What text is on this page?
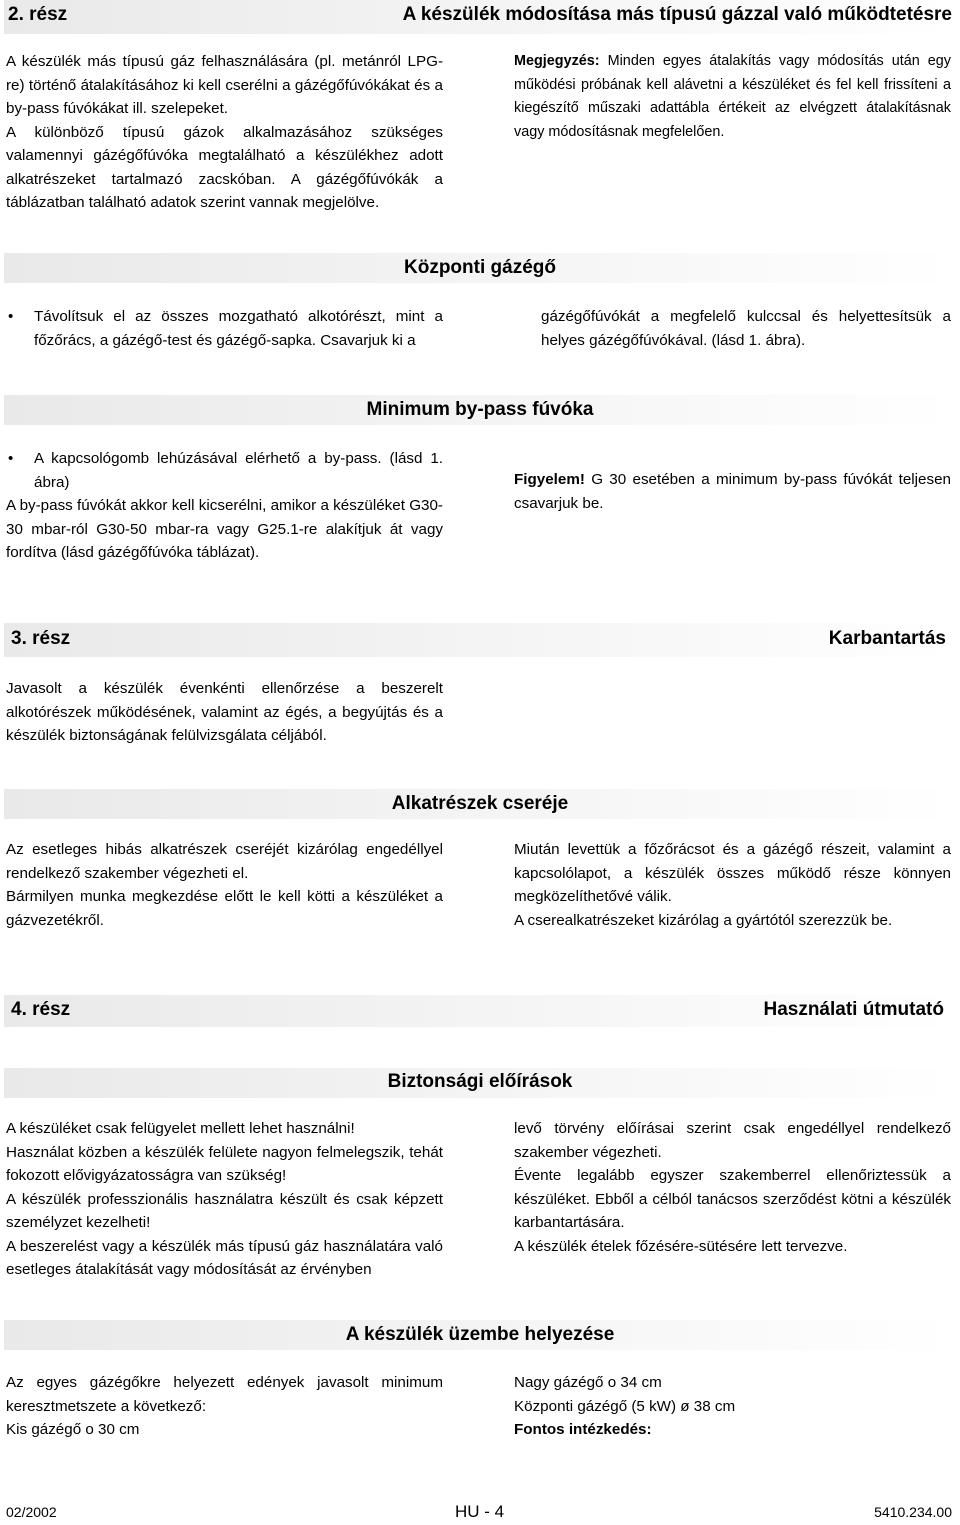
2. rész	A készülék módosítása más típusú gázzal való működtetésre

A készülék más típusú gáz felhasználására (pl. metánról LPG-re) történő átalakításához ki kell cserélni a gázégőfúvókákat és a by-pass fúvókákat ill. szelepeket.

A különböző típusú gázok alkalmazásához szükséges valamennyi gázégőfúvóka megtalálható a készülékhez adott alkatrészeket tartalmazó zacskóban. A gázégőfúvókák a táblázatban található adatok szerint vannak megjelölve.

Megjegyzés: Minden egyes átalakítás vagy módosítás után egy működési próbának kell alávetni a készüléket és fel kell frissíteni a kiegészítő műszaki adattábla értékeit az elvégzett átalakításnak vagy módosításnak megfelelően.

Központi gázégő
• Távolítsuk el az összes mozgatható alkotórészt, mint a főzőrács, a gázégő-test és gázégő-sapka. Csavarjuk ki a

gázégőfúvókát a megfelelő kulccsal és helyettesítsük a helyes gázégőfúvókával. (lásd 1. ábra).

Minimum by-pass fúvóka
• A kapcsológomb lehúzásával elérhető a by-pass. (lásd 1. ábra)

A by-pass fúvókát akkor kell kicserélni, amikor a készüléket G30-30 mbar-ról G30-50 mbar-ra vagy G25.1-re alakítjuk át vagy fordítva (lásd gázégőfúvóka táblázat).

Figyelem! G 30 esetében a minimum by-pass fúvókát teljesen csavarjuk be.

3. rész	Karbantartás

Javasolt a készülék évenkénti ellenőrzése a beszerelt alkotórészek működésének, valamint az égés, a begyújtás és a készülék biztonságának felülvizsgálata céljából.

Alkatrészek cseréje

Az esetleges hibás alkatrészek cseréjét kizárólag engedéllyel rendelkező szakember végezheti el.

Bármilyen munka megkezdése előtt le kell kötti a készüléket a gázvezetékről.

Miután levettük a főzőrácsot és a gázégő részeit, valamint a kapcsolólapot, a készülék összes működő része könnyen megközelíthetővé válik.

A cserealkatrészeket kizárólag a gyártótól szerezzük be.

4. rész	Használati útmutató
Biztonsági előírások

A készüléket csak felügyelet mellett lehet használni!

Használat közben a készülék felülete nagyon felmelegszik, tehát fokozott elővigyázatosságra van szükség!

A készülék professzionális használatra készült és csak képzett személyzet kezelheti!

A beszerelést vagy a készülék más típusú gáz használatára való esetleges átalakítását vagy módosítását az érvényben

levő törvény előírásai szerint csak engedéllyel rendelkező szakember végezheti.

Évente legalább egyszer szakemberrel ellenőriztessük a készüléket. Ebből a célból tanácsos szerződést kötni a készülék karbantartására.

A készülék ételek főzésére-sütésére lett tervezve.

A készülék üzembe helyezése

Az egyes gázégőkre helyezett edények javasolt minimum keresztmetszete a következő:

Kis gázégő o 30 cm

Nagy gázégő o 34 cm

Központi gázégő (5 kW) ø 38 cm

Fontos intézkedés:

02/2002	HU - 4	5410.234.00
